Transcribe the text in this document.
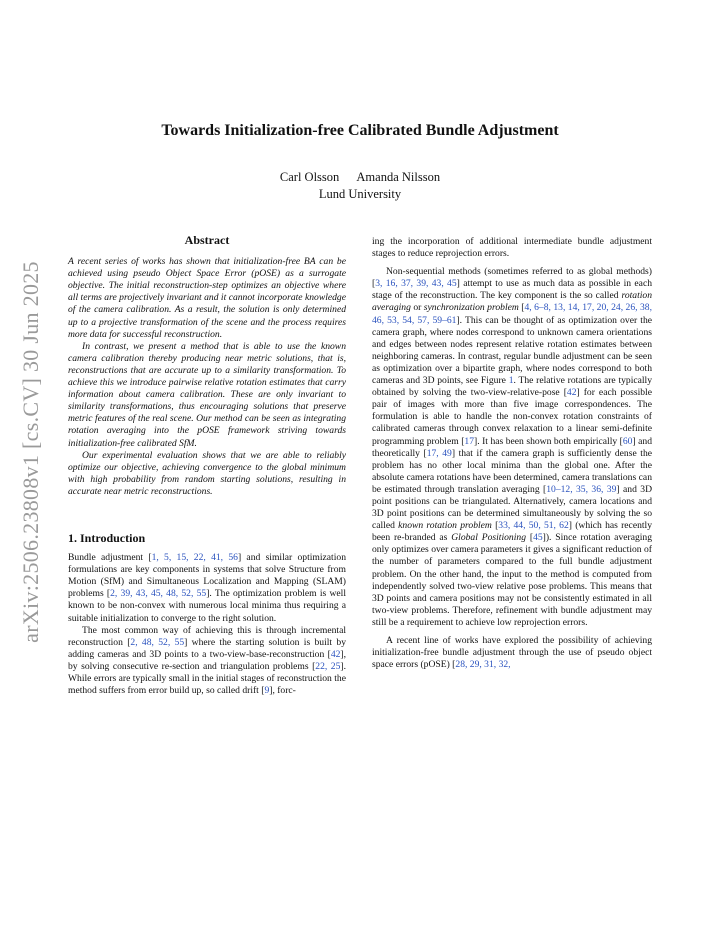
arXiv:2506.23808v1 [cs.CV] 30 Jun 2025
Towards Initialization-free Calibrated Bundle Adjustment
Carl Olsson Amanda Nilsson
Lund University
Abstract

A recent series of works has shown that initialization-free BA can be achieved using pseudo Object Space Error (pOSE) as a surrogate objective. The initial reconstruction-step optimizes an objective where all terms are projectively invariant and it cannot incorporate knowledge of the camera calibration. As a result, the solution is only determined up to a projective transformation of the scene and the process requires more data for successful reconstruction.

In contrast, we present a method that is able to use the known camera calibration thereby producing near metric solutions, that is, reconstructions that are accurate up to a similarity transformation. To achieve this we introduce pairwise relative rotation estimates that carry information about camera calibration. These are only invariant to similarity transformations, thus encouraging solutions that preserve metric features of the real scene. Our method can be seen as integrating rotation averaging into the pOSE framework striving towards initialization-free calibrated SfM.

Our experimental evaluation shows that we are able to reliably optimize our objective, achieving convergence to the global minimum with high probability from random starting solutions, resulting in accurate near metric reconstructions.

1. Introduction

Bundle adjustment [1, 5, 15, 22, 41, 56] and similar optimization formulations are key components in systems that solve Structure from Motion (SfM) and Simultaneous Localization and Mapping (SLAM) problems [2, 39, 43, 45, 48, 52, 55]. The optimization problem is well known to be non-convex with numerous local minima thus requiring a suitable initialization to converge to the right solution.

The most common way of achieving this is through incremental reconstruction [2, 48, 52, 55] where the starting solution is built by adding cameras and 3D points to a two-view-base-reconstruction [42], by solving consecutive re-section and triangulation problems [22, 25]. While errors are typically small in the initial stages of reconstruction the method suffers from error build up, so called drift [9], forc-

ing the incorporation of additional intermediate bundle adjustment stages to reduce reprojection errors.

Non-sequential methods (sometimes referred to as global methods) [3, 16, 37, 39, 43, 45] attempt to use as much data as possible in each stage of the reconstruction. The key component is the so called rotation averaging or synchronization problem [4, 6–8, 13, 14, 17, 20, 24, 26, 38, 46, 53, 54, 57, 59–61]. This can be thought of as optimization over the camera graph, where nodes correspond to unknown camera orientations and edges between nodes represent relative rotation estimates between neighboring cameras. In contrast, regular bundle adjustment can be seen as optimization over a bipartite graph, where nodes correspond to both cameras and 3D points, see Figure 1. The relative rotations are typically obtained by solving the two-view-relative-pose [42] for each possible pair of images with more than five image correspondences. The formulation is able to handle the non-convex rotation constraints of calibrated cameras through convex relaxation to a linear semi-definite programming problem [17]. It has been shown both empirically [60] and theoretically [17, 49] that if the camera graph is sufficiently dense the problem has no other local minima than the global one. After the absolute camera rotations have been determined, camera translations can be estimated through translation averaging [10–12, 35, 36, 39] and 3D point positions can be triangulated. Alternatively, camera locations and 3D point positions can be determined simultaneously by solving the so called known rotation problem [33, 44, 50, 51, 62] (which has recently been re-branded as Global Positioning [45]). Since rotation averaging only optimizes over camera parameters it gives a significant reduction of the number of parameters compared to the full bundle adjustment problem. On the other hand, the input to the method is computed from independently solved two-view relative pose problems. This means that 3D points and camera positions may not be consistently estimated in all two-view problems. Therefore, refinement with bundle adjustment may still be a requirement to achieve low reprojection errors.

A recent line of works have explored the possibility of achieving initialization-free bundle adjustment through the use of pseudo object space errors (pOSE) [28, 29, 31, 32,
